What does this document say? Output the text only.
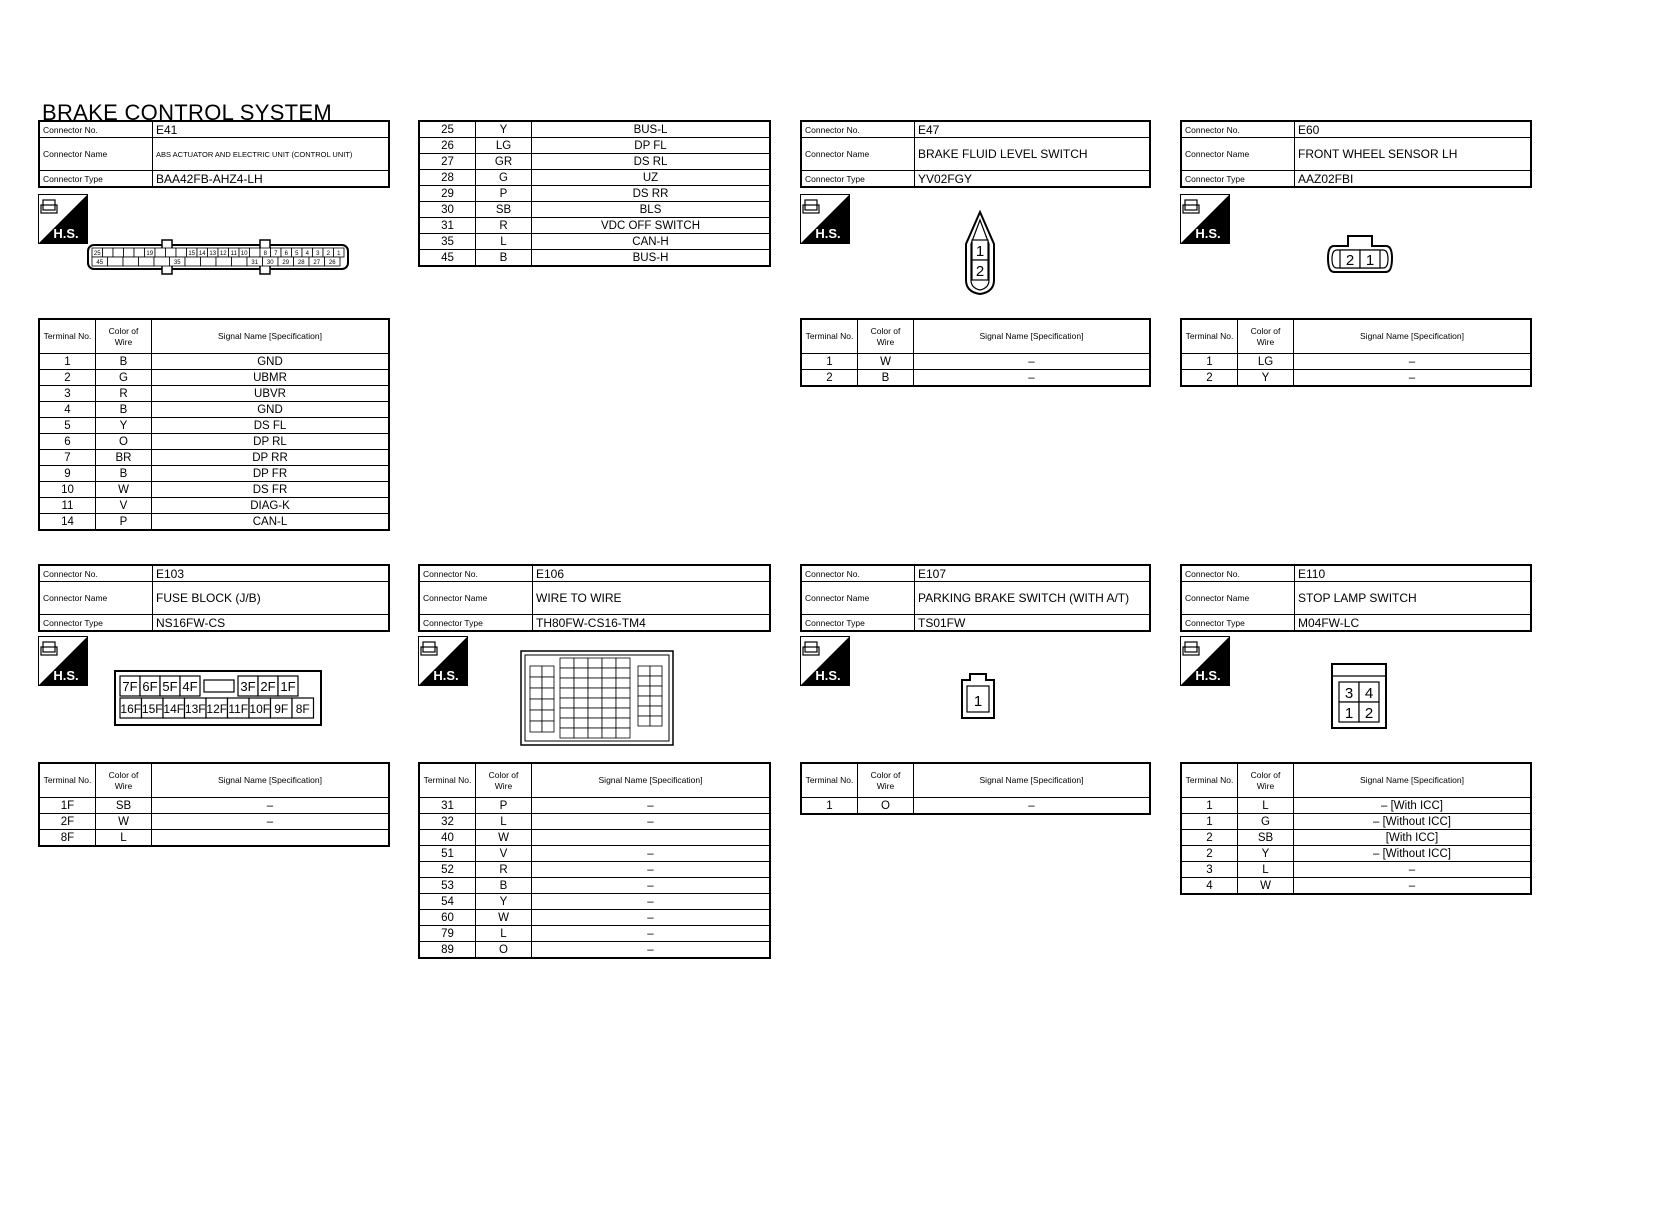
BRAKE CONTROL SYSTEM
Connector No.	E41
Connector Name	ABS ACTUATOR AND ELECTRIC UNIT (CONTROL UNIT)
Connector Type	BAA42FB-AHZ4-LH
Connector No.	E47
Connector Name	BRAKE FLUID LEVEL SWITCH
Connector Type	YV02FGY
Connector No.	E60
Connector Name	FRONT WHEEL SENSOR LH
Connector Type	AAZ02FBI
Connector No.	E103
Connector Name	FUSE BLOCK (J/B)
Connector Type	NS16FW-CS
Connector No.	E106
Connector Name	WIRE TO WIRE
Connector Type	TH80FW-CS16-TM4
Connector No.	E107
Connector Name	PARKING BRAKE SWITCH (WITH A/T)
Connector Type	TS01FW
Connector No.	E110
Connector Name	STOP LAMP SWITCH
Connector Type	M04FW-LC
H.S.	H.S.	H.S.
H.S.	H.S.	H.S.	H.S.
25	19	15 14 13 12 11 10	8 7 6 5 4 3 2 1
45	35	31 30 29 28 27 26
1
2
2 1
7F 6F 5F 4F	3F 2F 1F
16F 15F 14F 13F 12F 11F 10F 9F 8F	1	3 4
1 2
Terminal No.	Color of Wire	Signal Name [Specification]
1	B	GND
2	G	UBMR
3	R	UBVR
4	B	GND
5	Y	DS FL
6	O	DP RL
7	BR	DP RR
9	B	DP FR
10	W	DS FR
11	V	DIAG-K
14	P	CAN-L
25	Y	BUS-L
26	LG	DP FL
27	GR	DS RL
28	G	UZ
29	P	DS RR
30	SB	BLS
31	R	VDC OFF SWITCH
35	L	CAN-H
45	B	BUS-H
Terminal No.	Color of Wire	Signal Name [Specification]
1	W	–
2	B	–
Terminal No.	Color of Wire	Signal Name [Specification]
1	LG	–
2	Y	–
Terminal No.	Color of Wire	Signal Name [Specification]
1F	SB	–
2F	W	–
8F	L	
Terminal No.	Color of Wire	Signal Name [Specification]
31	P	–
32	L	–
40	W	
51	V	–
52	R	–
53	B	–
54	Y	–
60	W	–
79	L	–
89	O	–
Terminal No.	Color of Wire	Signal Name [Specification]
1	O	–
Terminal No.	Color of Wire	Signal Name [Specification]
1	L	– [With ICC]
1	G	– [Without ICC]
2	SB	[With ICC]
2	Y	– [Without ICC]
3	L	–
4	W	–
